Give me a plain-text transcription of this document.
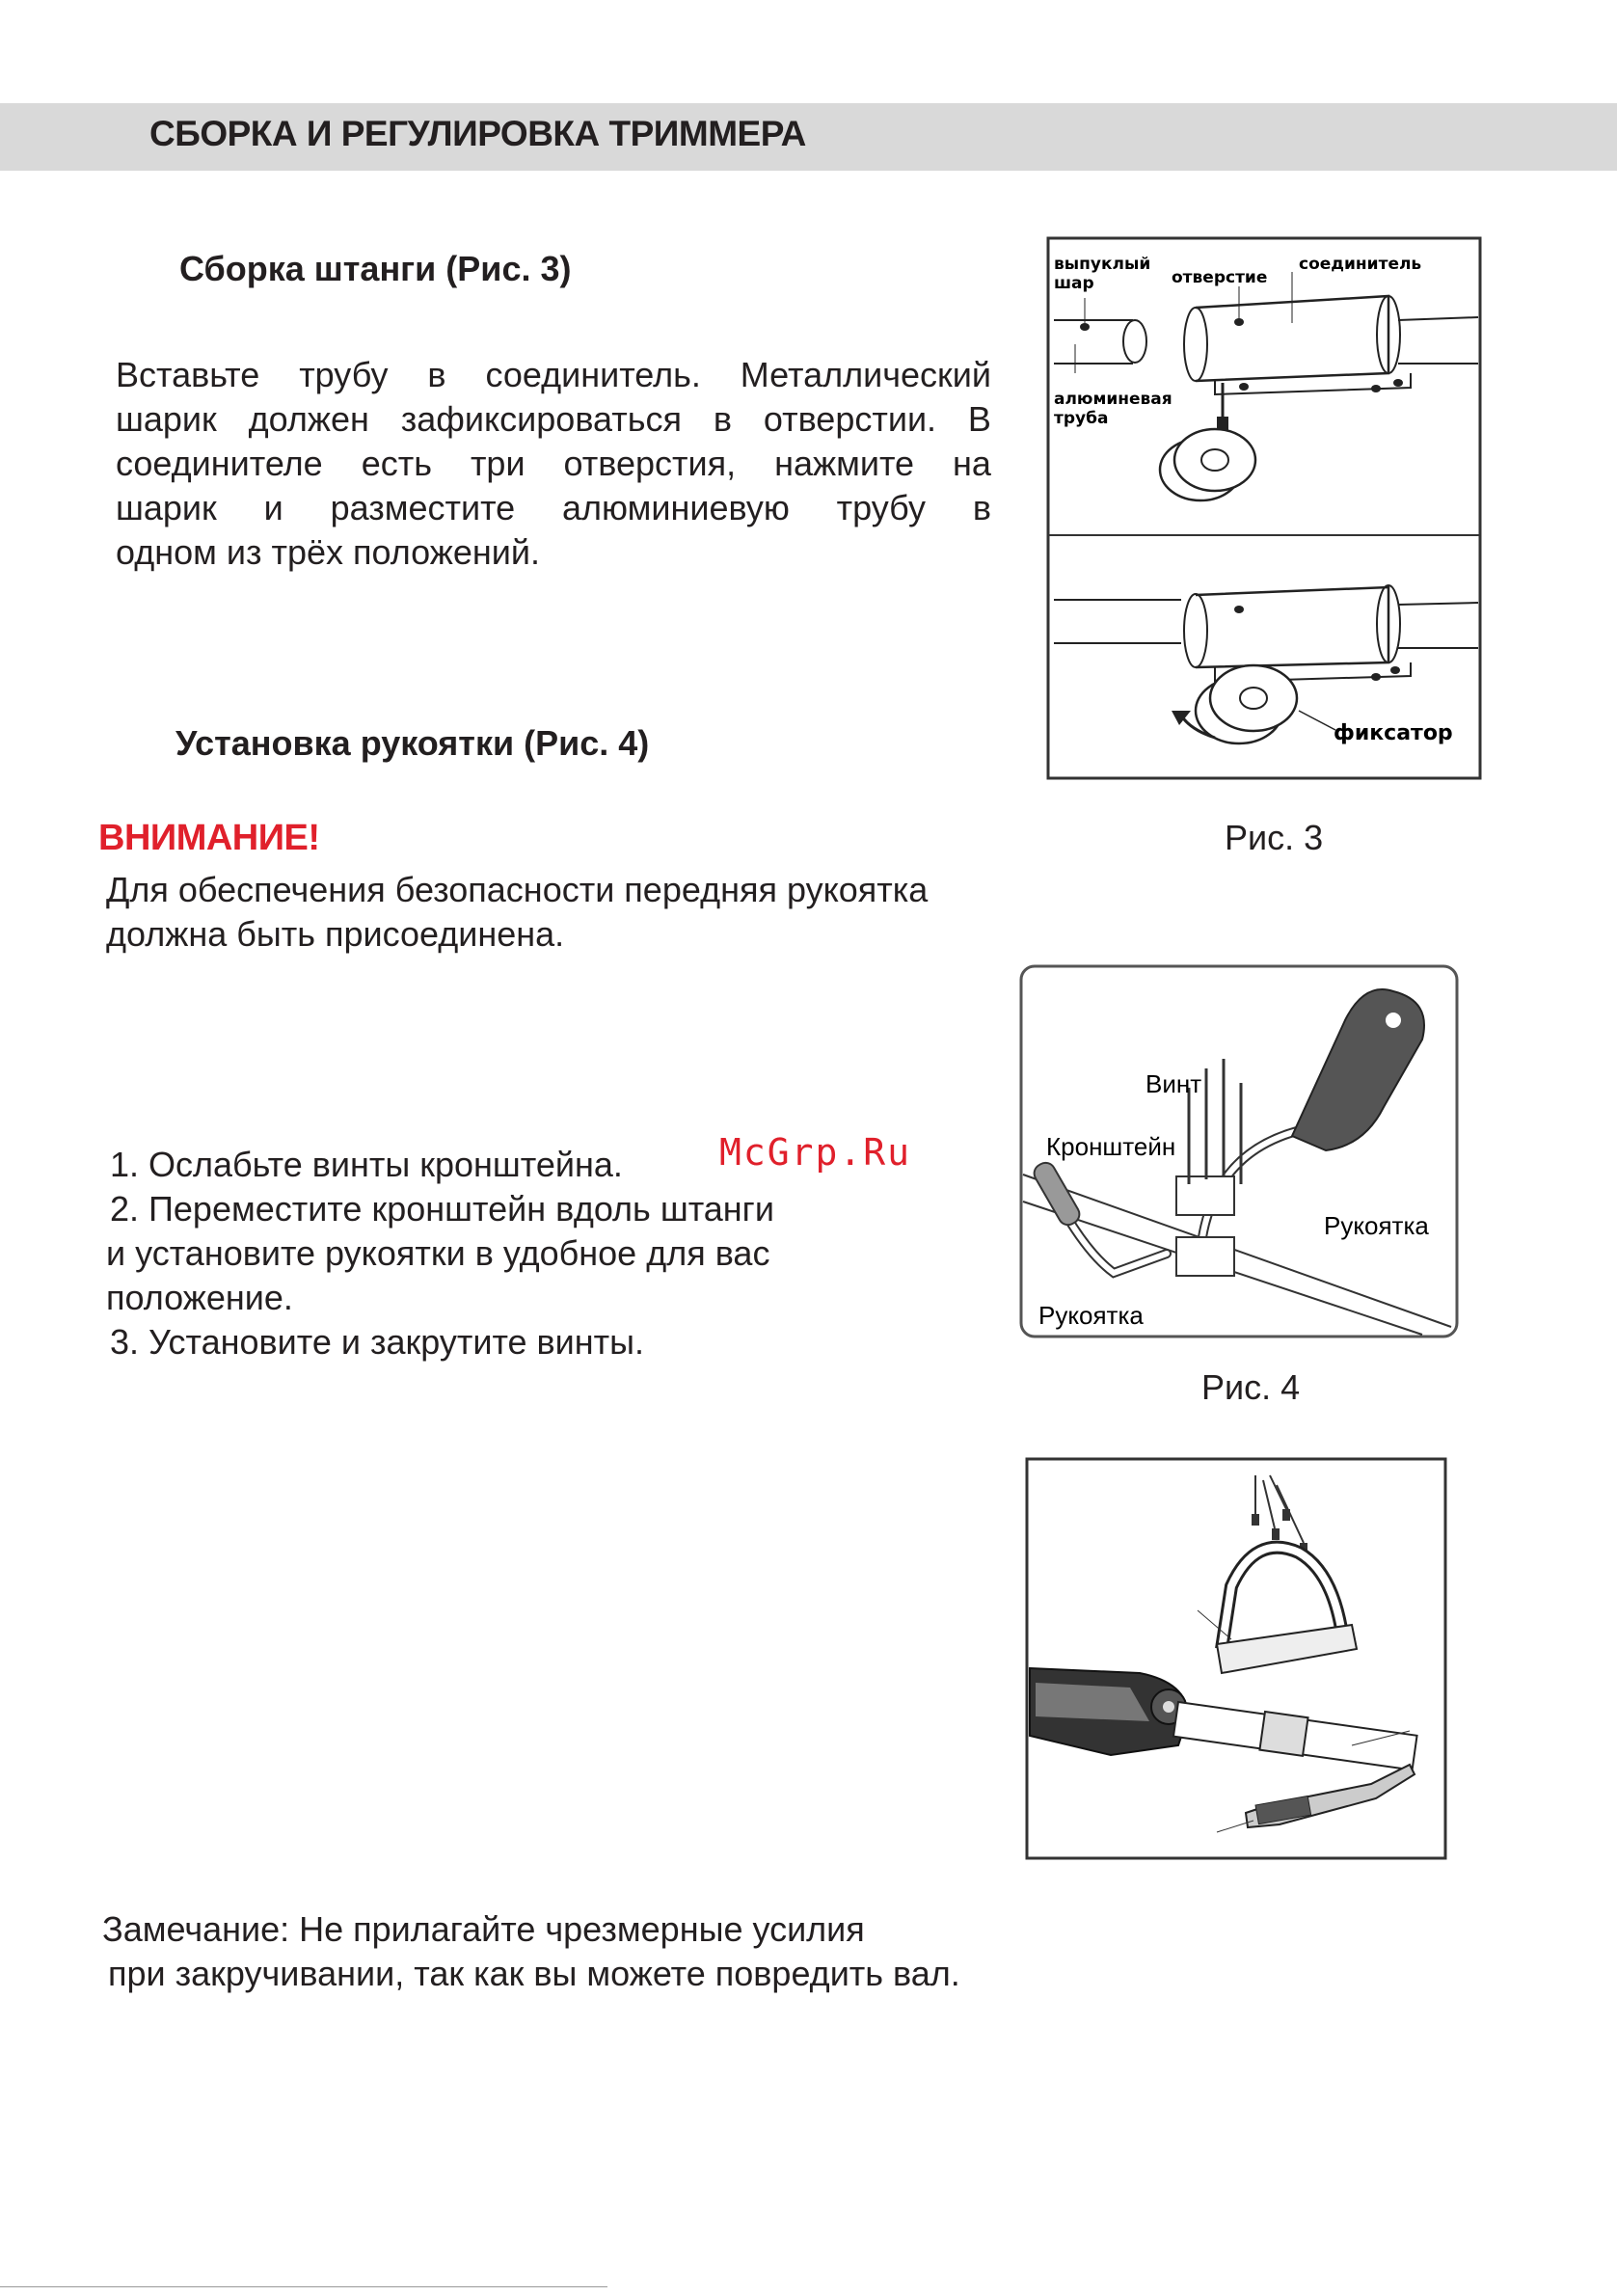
СБОРКА И РЕГУЛИРОВКА ТРИММЕРА
Сборка штанги (Рис. 3)
Вставьте трубу в соединитель. Металлический
шарик должен зафиксироваться в отверстии. В
соединителе есть три отверстия, нажмите на
шарик и разместите алюминиевую трубу в
одном из трёх положений.
Установка рукоятки (Рис. 4)
ВНИМАНИЕ!
Для обеспечения безопасности передняя рукоятка
должна быть присоединена.
McGrp.Ru
1. Ослабьте винты кронштейна.
2. Переместите кронштейн вдоль штанги
и установите рукоятки в удобное для вас
положение.
3. Установите и закрутите винты.
выпуклый
шар	отверстие
соединитель
алюминевая
труба
фиксатор
Рис. 3
Винт
Кронштейн
Рукоятка
Рукоятка
Рис. 4
Замечание: Не прилагайте чрезмерные усилия
при закручивании, так как вы можете повредить вал.
